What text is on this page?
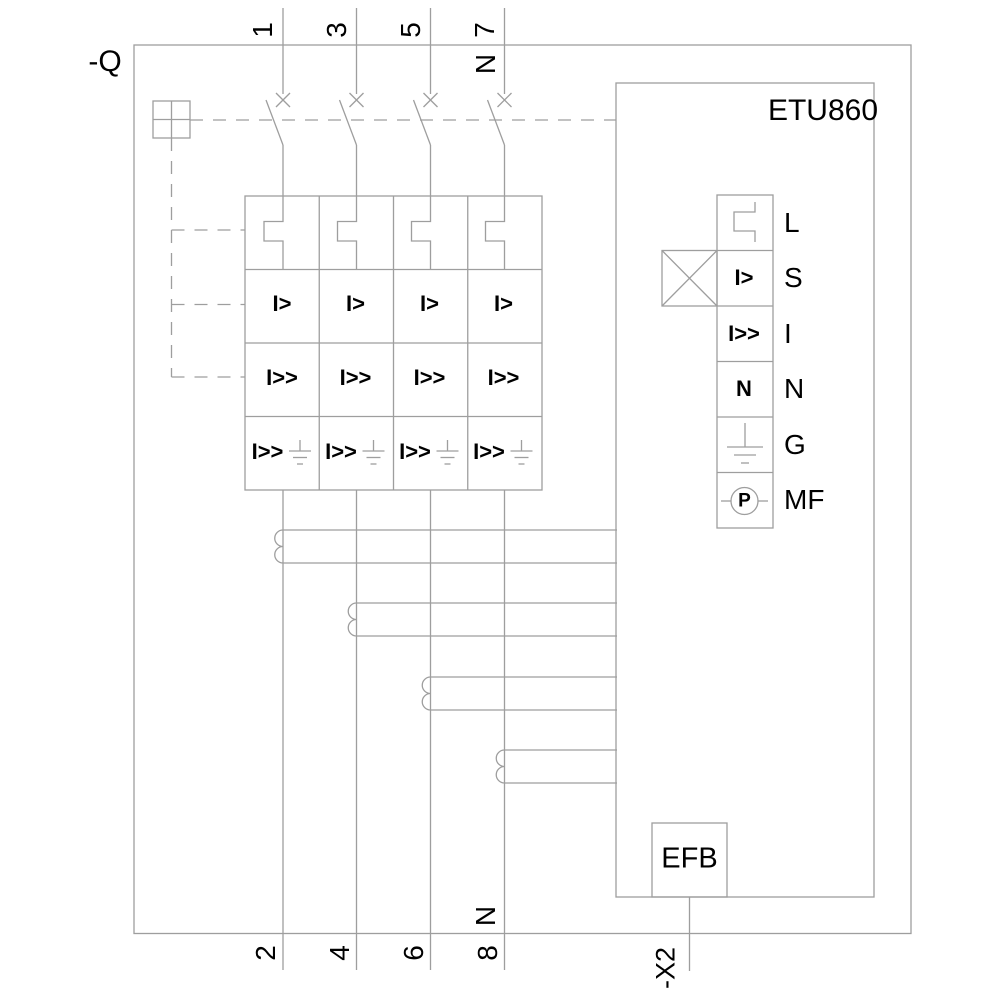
-Q
ETU860
1 3 5 7
N
I> I>	I>	I>
I>> I>> I>> I>>
I>> I>> I>> I>>
I>
I>>
N
P
L
S
I
N
G
MF
EFB
2 4 6 8
N
-X2
